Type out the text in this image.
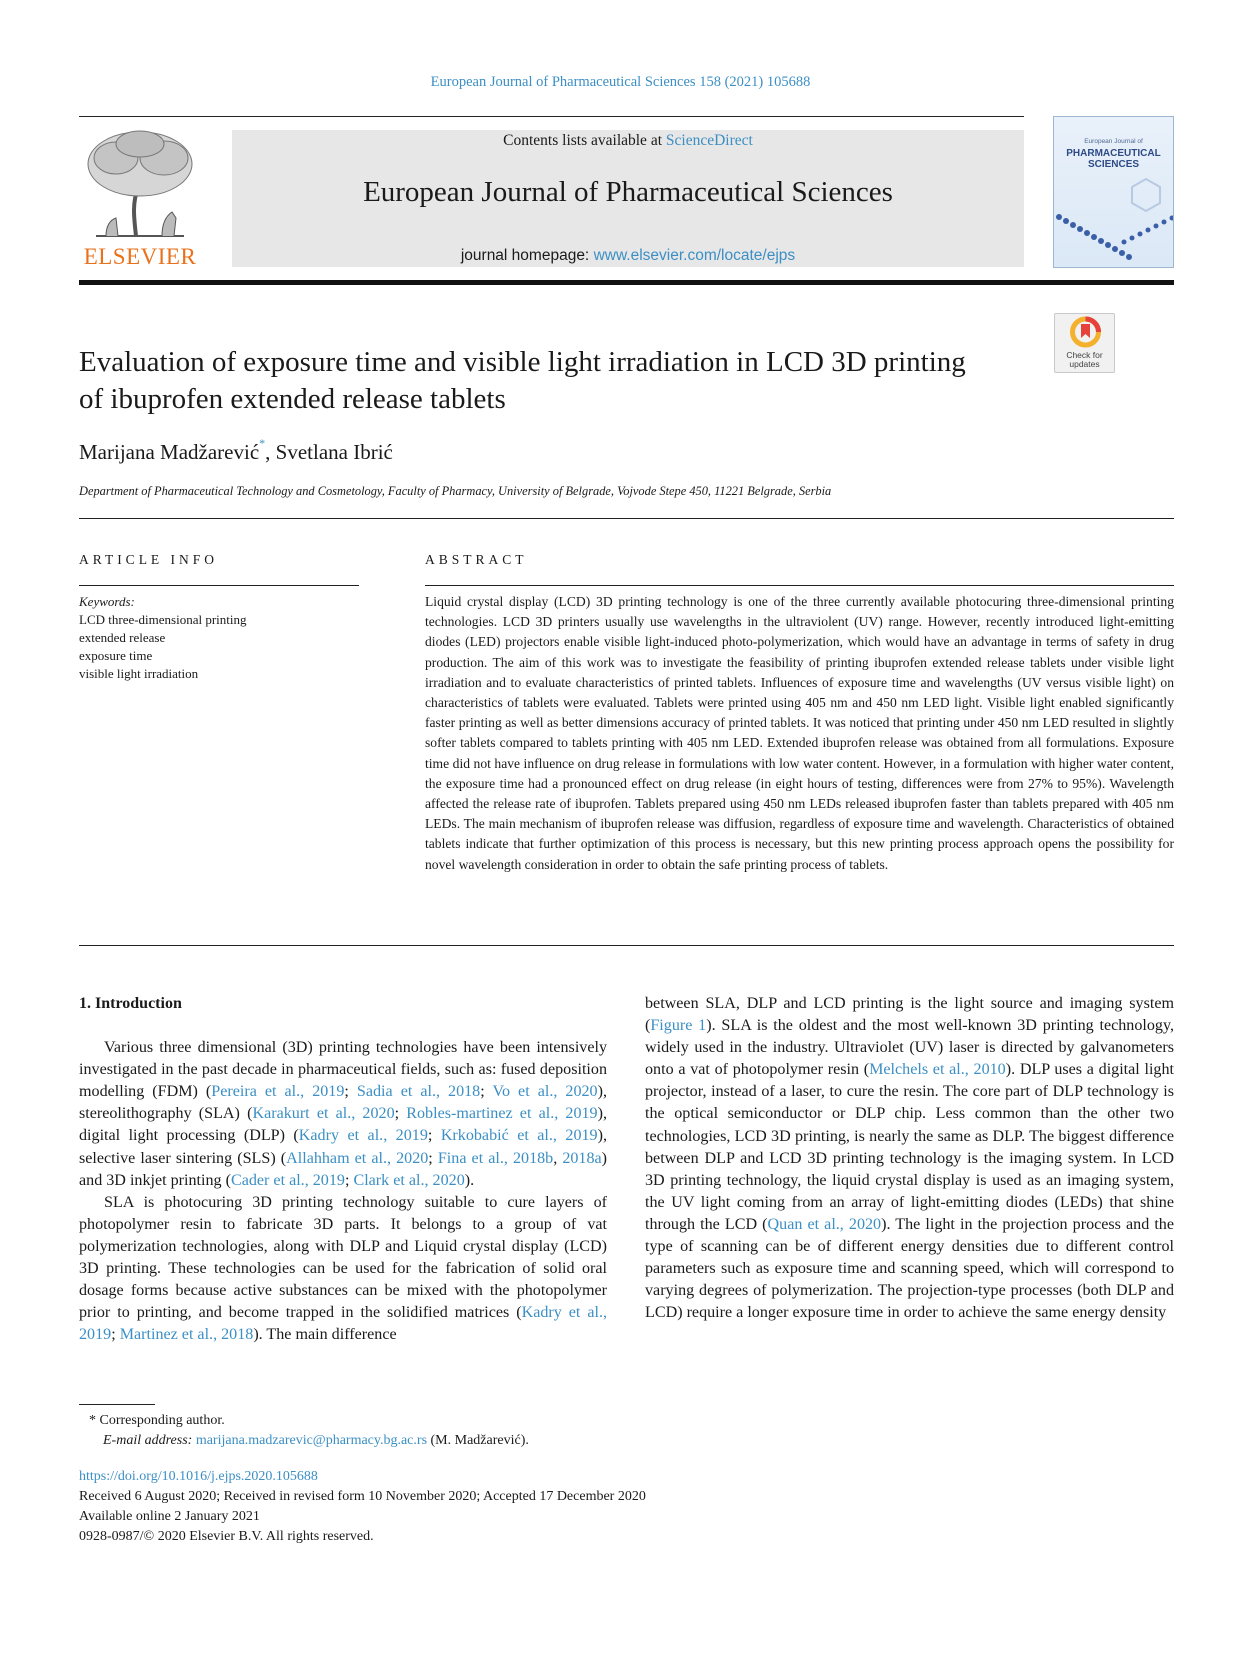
European Journal of Pharmaceutical Sciences 158 (2021) 105688
ELSEVIER
Contents lists available at ScienceDirect
European Journal of Pharmaceutical Sciences
journal homepage: www.elsevier.com/locate/ejps
European Journal of
PHARMACEUTICAL
SCIENCES
Check for
updates
Evaluation of exposure time and visible light irradiation in LCD 3D printing
of ibuprofen extended release tablets
Marijana Madžarević*, Svetlana Ibrić
Department of Pharmaceutical Technology and Cosmetology, Faculty of Pharmacy, University of Belgrade, Vojvode Stepe 450, 11221 Belgrade, Serbia
ARTICLE INFO
Keywords:
LCD three-dimensional printing
extended release
exposure time
visible light irradiation
ABSTRACT
Liquid crystal display (LCD) 3D printing technology is one of the three currently available photocuring three-dimensional printing technologies. LCD 3D printers usually use wavelengths in the ultraviolent (UV) range. However, recently introduced light-emitting diodes (LED) projectors enable visible light-induced photo-polymerization, which would have an advantage in terms of safety in drug production. The aim of this work was to investigate the feasibility of printing ibuprofen extended release tablets under visible light irradiation and to evaluate characteristics of printed tablets. Influences of exposure time and wavelengths (UV versus visible light) on characteristics of tablets were evaluated. Tablets were printed using 405 nm and 450 nm LED light. Visible light enabled significantly faster printing as well as better dimensions accuracy of printed tablets. It was noticed that printing under 450 nm LED resulted in slightly softer tablets compared to tablets printing with 405 nm LED. Extended ibuprofen release was obtained from all formulations. Exposure time did not have influence on drug release in formulations with low water content. However, in a formulation with higher water content, the exposure time had a pronounced effect on drug release (in eight hours of testing, differences were from 27% to 95%). Wavelength affected the release rate of ibuprofen. Tablets prepared using 450 nm LEDs released ibuprofen faster than tablets prepared with 405 nm LEDs. The main mechanism of ibuprofen release was diffusion, regardless of exposure time and wavelength. Characteristics of obtained tablets indicate that further optimization of this process is necessary, but this new printing process approach opens the possibility for novel wavelength consideration in order to obtain the safe printing process of tablets.
1. Introduction

Various three dimensional (3D) printing technologies have been intensively investigated in the past decade in pharmaceutical fields, such as: fused deposition modelling (FDM) (Pereira et al., 2019; Sadia et al., 2018; Vo et al., 2020), stereolithography (SLA) (Karakurt et al., 2020; Robles-martinez et al., 2019), digital light processing (DLP) (Kadry et al., 2019; Krkobabić et al., 2019), selective laser sintering (SLS) (Allahham et al., 2020; Fina et al., 2018b, 2018a) and 3D inkjet printing (Cader et al., 2019; Clark et al., 2020).

SLA is photocuring 3D printing technology suitable to cure layers of photopolymer resin to fabricate 3D parts. It belongs to a group of vat polymerization technologies, along with DLP and Liquid crystal display (LCD) 3D printing. These technologies can be used for the fabrication of solid oral dosage forms because active substances can be mixed with the photopolymer prior to printing, and become trapped in the solidified matrices (Kadry et al., 2019; Martinez et al., 2018). The main difference

between SLA, DLP and LCD printing is the light source and imaging system (Figure 1). SLA is the oldest and the most well-known 3D printing technology, widely used in the industry. Ultraviolet (UV) laser is directed by galvanometers onto a vat of photopolymer resin (Melchels et al., 2010). DLP uses a digital light projector, instead of a laser, to cure the resin. The core part of DLP technology is the optical semiconductor or DLP chip. Less common than the other two technologies, LCD 3D printing, is nearly the same as DLP. The biggest difference between DLP and LCD 3D printing technology is the imaging system. In LCD 3D printing technology, the liquid crystal display is used as an imaging system, the UV light coming from an array of light-emitting diodes (LEDs) that shine through the LCD (Quan et al., 2020). The light in the projection process and the type of scanning can be of different energy densities due to different control parameters such as exposure time and scanning speed, which will correspond to varying degrees of polymerization. The projection-type processes (both DLP and LCD) require a longer exposure time in order to achieve the same energy density

* Corresponding author.
E-mail address: marijana.madzarevic@pharmacy.bg.ac.rs (M. Madžarević).
https://doi.org/10.1016/j.ejps.2020.105688
Received 6 August 2020; Received in revised form 10 November 2020; Accepted 17 December 2020
Available online 2 January 2021
0928-0987/© 2020 Elsevier B.V. All rights reserved.
